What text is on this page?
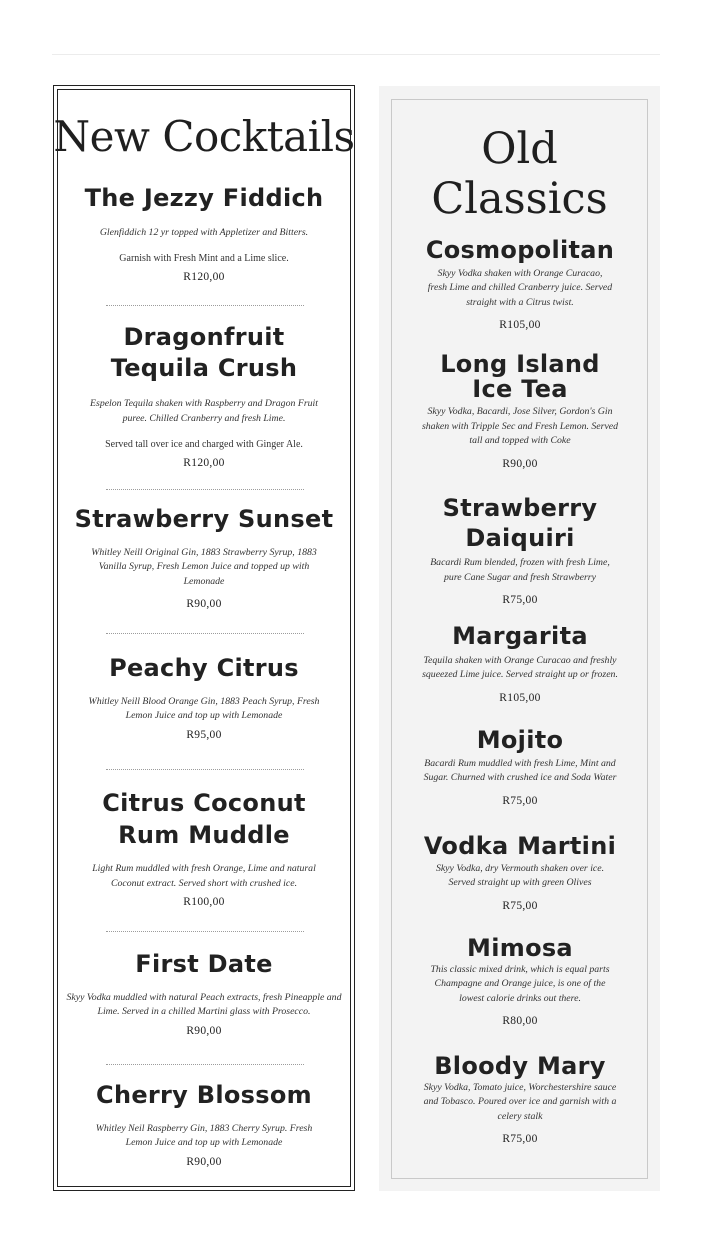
New Cocktails
The Jezzy Fiddich
Glenfiddich 12 yr topped with Appletizer and Bitters.
Garnish with Fresh Mint and a Lime slice.
R120,00
Dragonfruit Tequila Crush
Espelon Tequila shaken with Raspberry and Dragon Fruit puree. Chilled Cranberry and fresh Lime.
Served tall over ice and charged with Ginger Ale.
R120,00
Strawberry Sunset
Whitley Neill Original Gin, 1883 Strawberry Syrup, 1883 Vanilla Syrup, Fresh Lemon Juice and topped up with Lemonade
R90,00
Peachy Citrus
Whitley Neill Blood Orange Gin, 1883 Peach Syrup, Fresh Lemon Juice and top up with Lemonade
R95,00
Citrus Coconut Rum Muddle
Light Rum muddled with fresh Orange, Lime and natural Coconut extract. Served short with crushed ice.
R100,00
First Date
Skyy Vodka muddled with natural Peach extracts, fresh Pineapple and Lime. Served in a chilled Martini glass with Prosecco.
R90,00
Cherry Blossom
Whitley Neil Raspberry Gin, 1883 Cherry Syrup. Fresh Lemon Juice and top up with Lemonade
R90,00
Old
Classics
Cosmopolitan
Skyy Vodka shaken with Orange Curacao, fresh Lime and chilled Cranberry juice. Served straight with a Citrus twist.
R105,00
Long Island Ice Tea
Skyy Vodka, Bacardi, Jose Silver, Gordon's Gin shaken with Tripple Sec and Fresh Lemon. Served tall and topped with Coke
R90,00
Strawberry Daiquiri
Bacardi Rum blended, frozen with fresh Lime, pure Cane Sugar and fresh Strawberry
R75,00
Margarita
Tequila shaken with Orange Curacao and freshly squeezed Lime juice. Served straight up or frozen.
R105,00
Mojito
Bacardi Rum muddled with fresh Lime, Mint and Sugar. Churned with crushed ice and Soda Water
R75,00
Vodka Martini
Skyy Vodka, dry Vermouth shaken over ice. Served straight up with green Olives
R75,00
Mimosa
This classic mixed drink, which is equal parts Champagne and Orange juice, is one of the lowest calorie drinks out there.
R80,00
Bloody Mary
Skyy Vodka, Tomato juice, Worchestershire sauce and Tobasco. Poured over ice and garnish with a celery stalk
R75,00
